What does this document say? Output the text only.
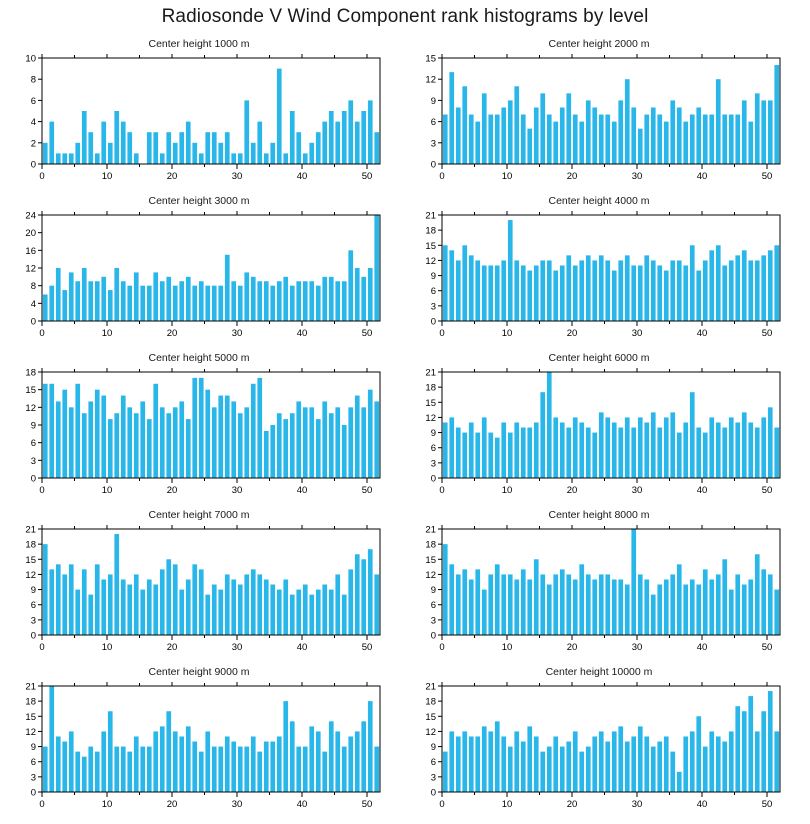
Radiosonde V Wind Component rank histograms by level
Center height 1000 m
0
2
4
6
8
10
0	10	20	30	40	50
Center height 2000 m
0
3
6
9
12
15
0	10	20	30	40	50
Center height 3000 m
0
4
8
12
16
20
24
0	10	20	30	40	50
Center height 4000 m
0
3
6
9
12
15
18
21
0	10	20	30	40	50
Center height 5000 m
0
3
6
9
12
15
18
0	10	20	30	40	50
Center height 6000 m
0
3
6
9
12
15
18
21
0	10	20	30	40	50
Center height 7000 m
0
3
6
9
12
15
18
21
0	10	20	30	40	50
Center height 8000 m
0
3
6
9
12
15
18
21
0	10	20	30	40	50
Center height 9000 m
0
3
6
9
12
15
18
21
0	10	20	30	40	50
Center height 10000 m
0
3
6
9
12
15
18
21
0	10	20	30	40	50
